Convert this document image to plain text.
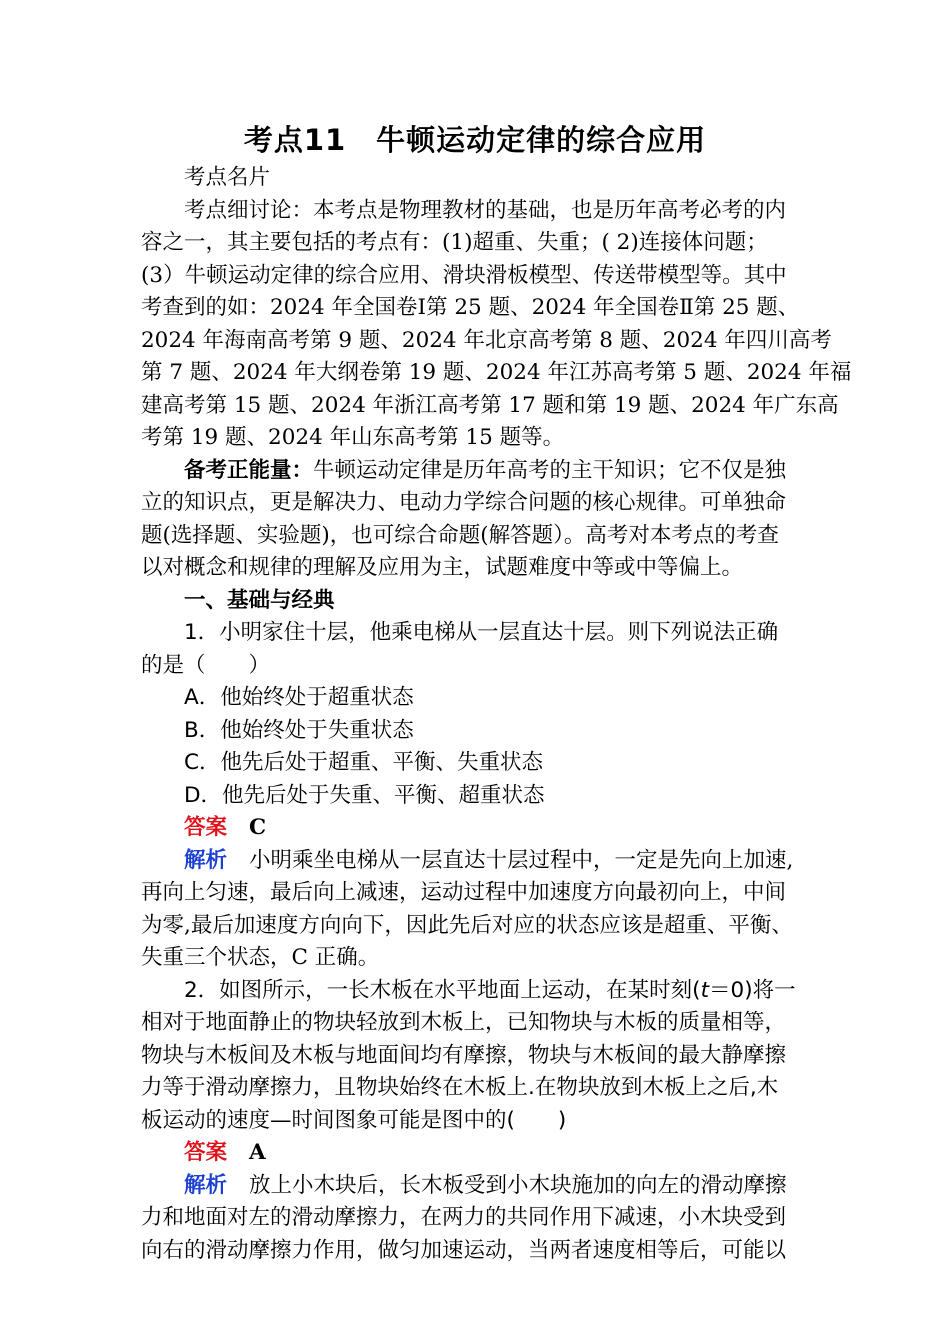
考点11　牛顿运动定律的综合应用
考点名片
考点细讨论：本考点是物理教材的基础，也是历年高考必考的内
容之一，其主要包括的考点有：(1)超重、失重；( 2)连接体问题；
(3）牛顿运动定律的综合应用、滑块滑板模型、传送带模型等。其中
考查到的如：2024 年全国卷Ⅰ第 25 题、2024 年全国卷Ⅱ第 25 题、
2024 年海南高考第 9 题、2024 年北京高考第 8 题、2024 年四川高考
第 7 题、2024 年大纲卷第 19 题、2024 年江苏高考第 5 题、2024 年福
建高考第 15 题、2024 年浙江高考第 17 题和第 19 题、2024 年广东高
考第 19 题、2024 年山东高考第 15 题等。
备考正能量：牛顿运动定律是历年高考的主干知识；它不仅是独
立的知识点，更是解决力、电动力学综合问题的核心规律。可单独命
题(选择题、实验题)，也可综合命题(解答题）。高考对本考点的考查
以对概念和规律的理解及应用为主，试题难度中等或中等偏上。
一、基础与经典
1．小明家住十层，他乘电梯从一层直达十层。则下列说法正确
的是（　　）
A．他始终处于超重状态
B．他始终处于失重状态
C．他先后处于超重、平衡、失重状态
D．他先后处于失重、平衡、超重状态
答案 C
解析 小明乘坐电梯从一层直达十层过程中，一定是先向上加速,
再向上匀速，最后向上减速，运动过程中加速度方向最初向上，中间
为零,最后加速度方向向下，因此先后对应的状态应该是超重、平衡、
失重三个状态，C 正确。
2．如图所示，一长木板在水平地面上运动，在某时刻(t＝0)将一
相对于地面静止的物块轻放到木板上，已知物块与木板的质量相等，
物块与木板间及木板与地面间均有摩擦，物块与木板间的最大静摩擦
力等于滑动摩擦力，且物块始终在木板上.在物块放到木板上之后,木
板运动的速度—时间图象可能是图中的(　　)
答案 A
解析 放上小木块后，长木板受到小木块施加的向左的滑动摩擦
力和地面对左的滑动摩擦力，在两力的共同作用下减速，小木块受到
向右的滑动摩擦力作用，做匀加速运动，当两者速度相等后，可能以
